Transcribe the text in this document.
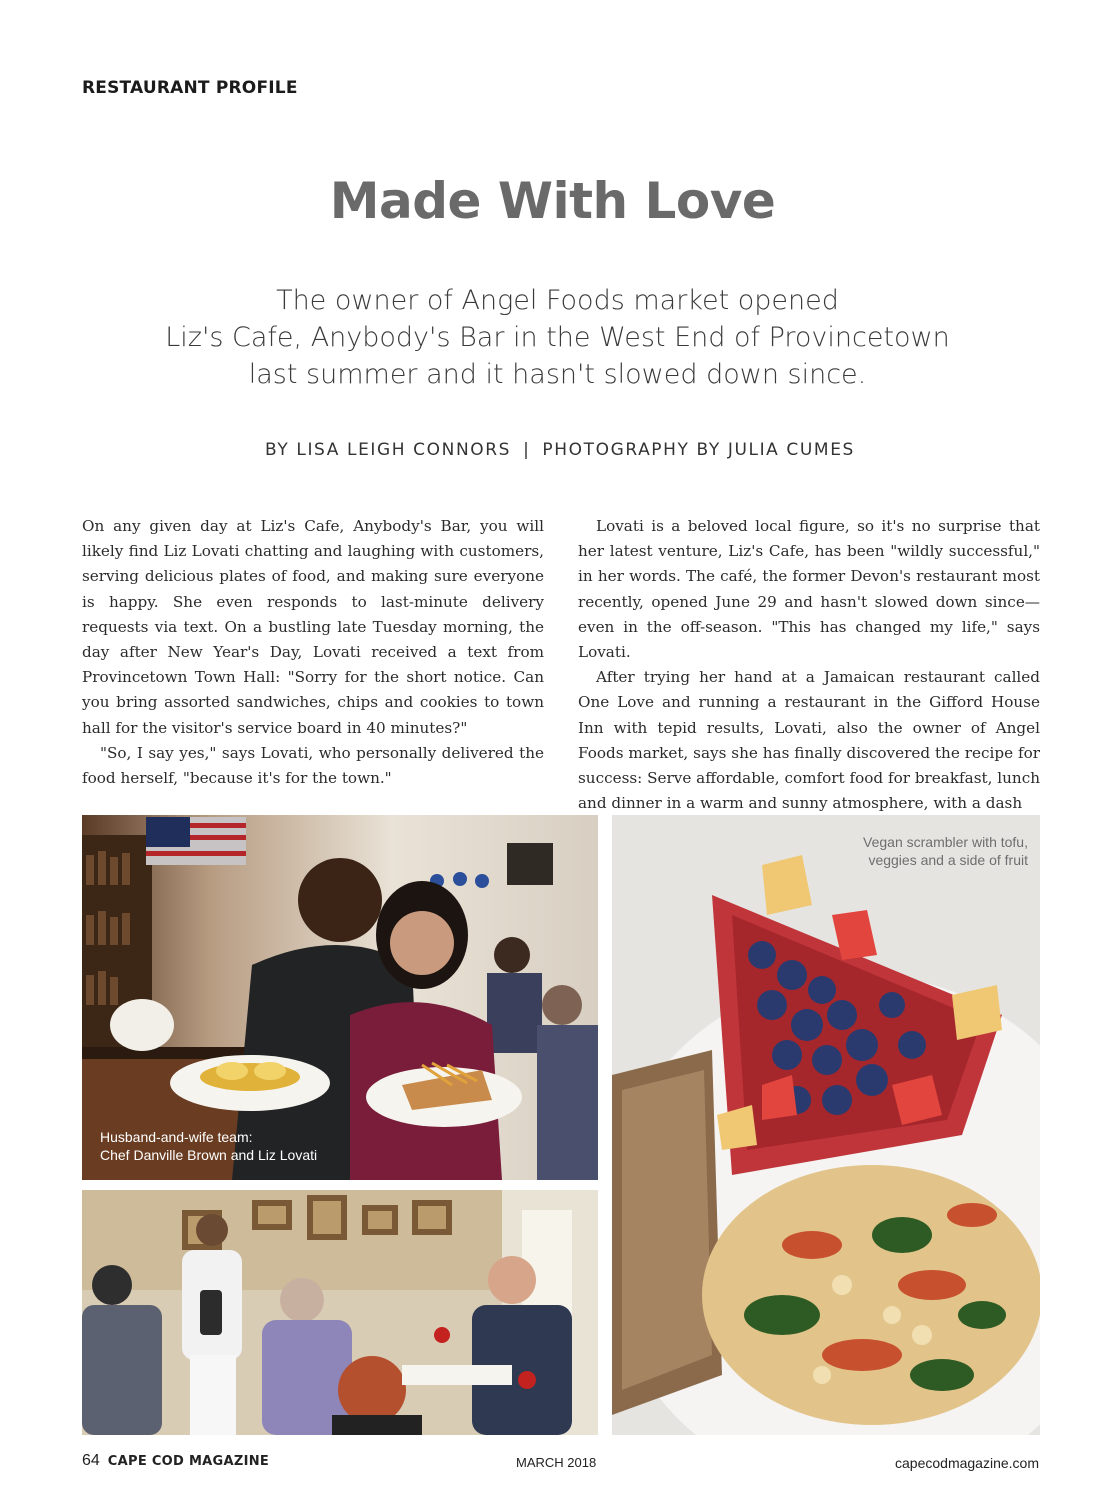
RESTAURANT PROFILE
Made With Love
The owner of Angel Foods market opened
Liz's Cafe, Anybody's Bar in the West End of Provincetown
last summer and it hasn't slowed down since.
BY LISA LEIGH CONNORS | PHOTOGRAPHY BY JULIA CUMES

On any given day at Liz's Cafe, Anybody's Bar, you will likely find Liz Lovati chatting and laughing with customers, serving delicious plates of food, and making sure everyone is happy. She even responds to last-minute delivery requests via text. On a bustling late Tuesday morning, the day after New Year's Day, Lovati received a text from Provincetown Town Hall: "Sorry for the short notice. Can you bring assorted sandwiches, chips and cookies to town hall for the visitor's service board in 40 minutes?"

"So, I say yes," says Lovati, who personally delivered the food herself, "because it's for the town."

Lovati is a beloved local figure, so it's no surprise that her latest venture, Liz's Cafe, has been "wildly successful," in her words. The café, the former Devon's restaurant most recently, opened June 29 and hasn't slowed down since—even in the off-season. "This has changed my life," says Lovati.

After trying her hand at a Jamaican restaurant called One Love and running a restaurant in the Gifford House Inn with tepid results, Lovati, also the owner of Angel Foods market, says she has finally discovered the recipe for success: Serve affordable, comfort food for breakfast, lunch and dinner in a warm and sunny atmosphere, with a dash

Husband-and-wife team:
Chef Danville Brown and Liz Lovati
Vegan scrambler with tofu,
veggies and a side of fruit
64 CAPE COD MAGAZINE	MARCH 2018	capecodmagazine.com
